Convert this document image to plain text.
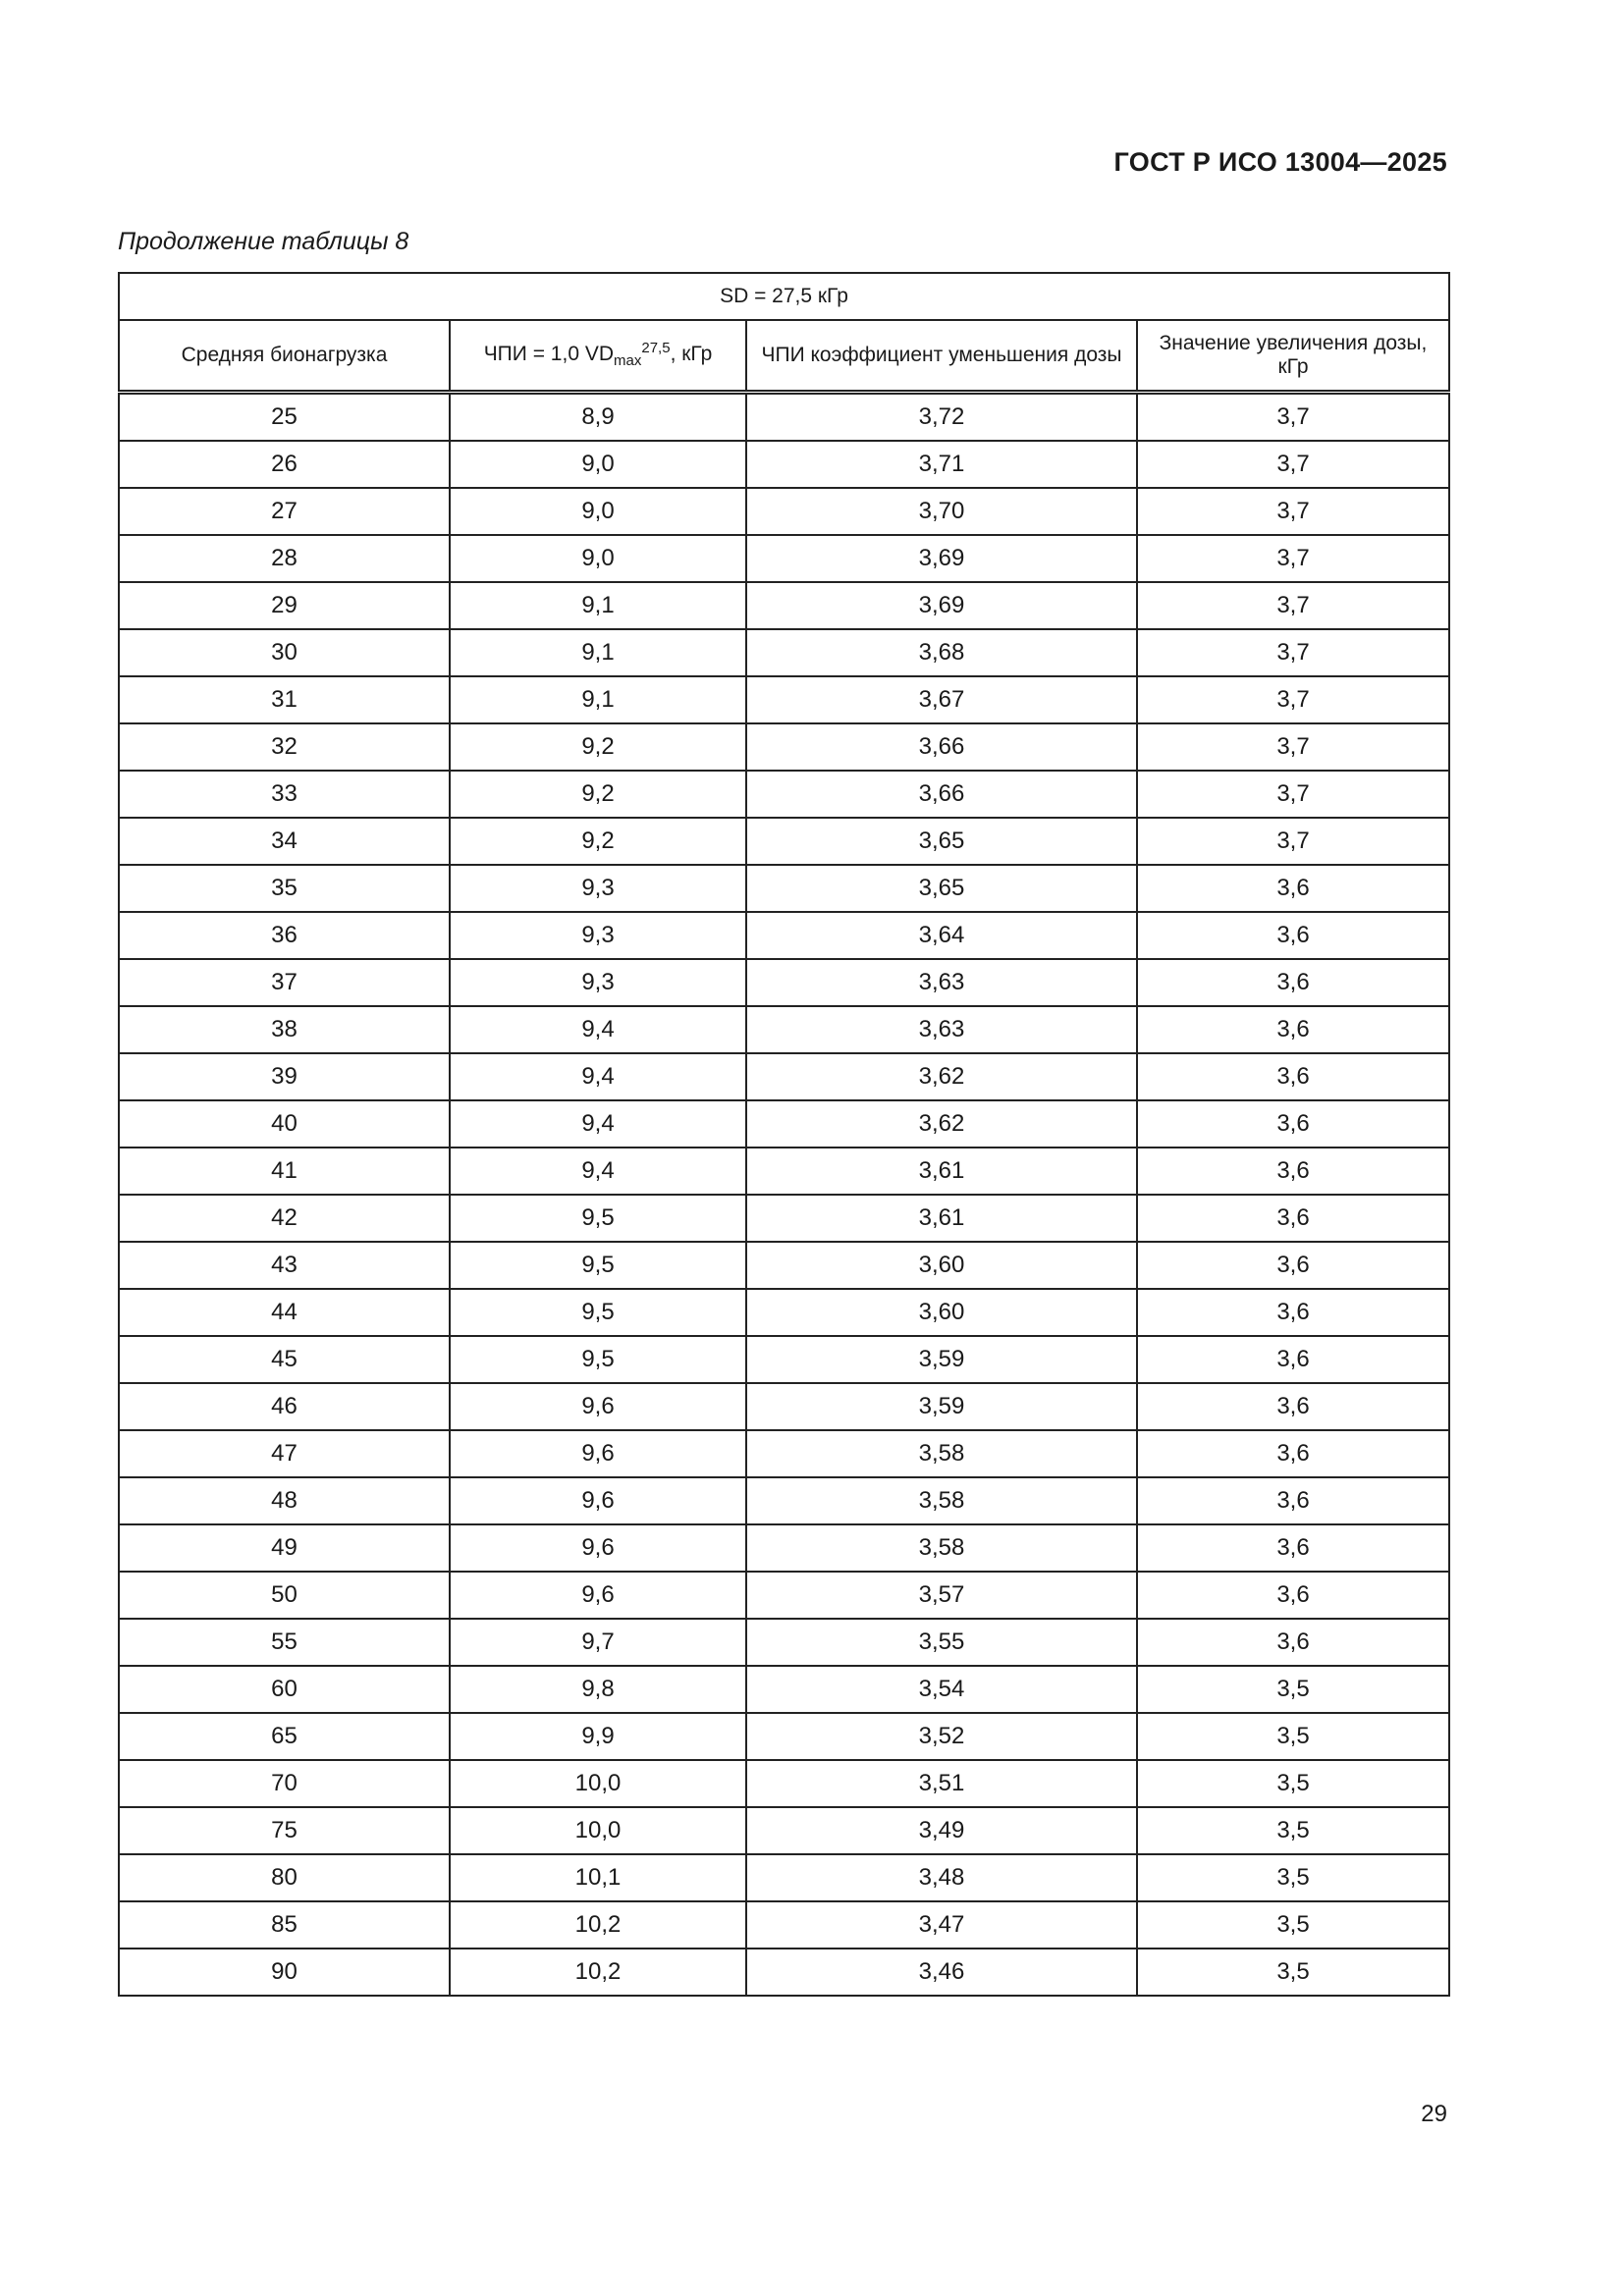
ГОСТ Р ИСО 13004—2025
Продолжение таблицы 8
SD = 27,5 кГр			
Средняя бионагрузка	ЧПИ = 1,0 $VD_{max}^{27,5}$, кГр	ЧПИ коэффициент уменьшения дозы	Значение увеличения дозы, кГр
25	8,9	3,72	3,7
26	9,0	3,71	3,7
27	9,0	3,70	3,7
28	9,0	3,69	3,7
29	9,1	3,69	3,7
30	9,1	3,68	3,7
31	9,1	3,67	3,7
32	9,2	3,66	3,7
33	9,2	3,66	3,7
34	9,2	3,65	3,7
35	9,3	3,65	3,6
36	9,3	3,64	3,6
37	9,3	3,63	3,6
38	9,4	3,63	3,6
39	9,4	3,62	3,6
40	9,4	3,62	3,6
41	9,4	3,61	3,6
42	9,5	3,61	3,6
43	9,5	3,60	3,6
44	9,5	3,60	3,6
45	9,5	3,59	3,6
46	9,6	3,59	3,6
47	9,6	3,58	3,6
48	9,6	3,58	3,6
49	9,6	3,58	3,6
50	9,6	3,57	3,6
55	9,7	3,55	3,6
60	9,8	3,54	3,5
65	9,9	3,52	3,5
70	10,0	3,51	3,5
75	10,0	3,49	3,5
80	10,1	3,48	3,5
85	10,2	3,47	3,5
90	10,2	3,46	3,5
29
